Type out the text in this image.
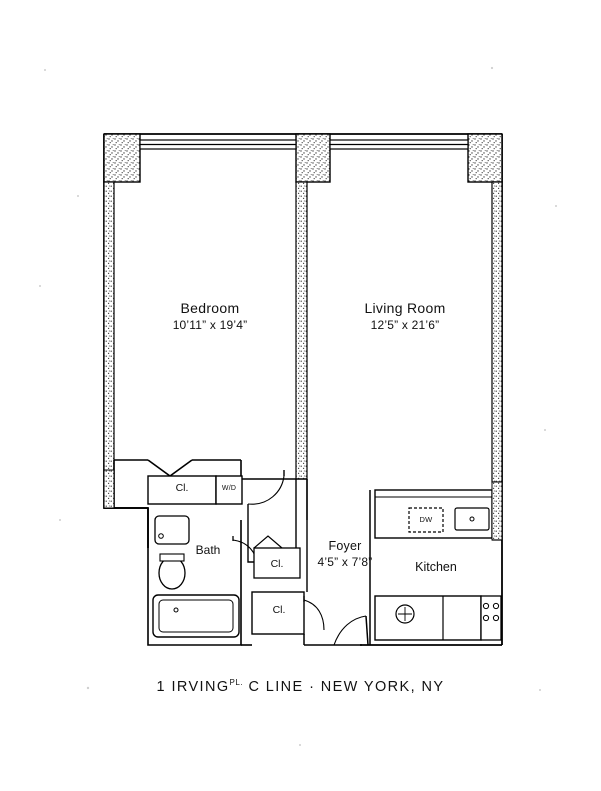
Bedroom
10’11” x 19’4”
Living Room
12’5” x 21’6”
Foyer
4’5” x 7’8”	Kitchen
Bath
Cl.
Cl.
Cl.
W/D
DW
1 $IRVING^{PL.}$ C LINE · NEW YORK, NY
